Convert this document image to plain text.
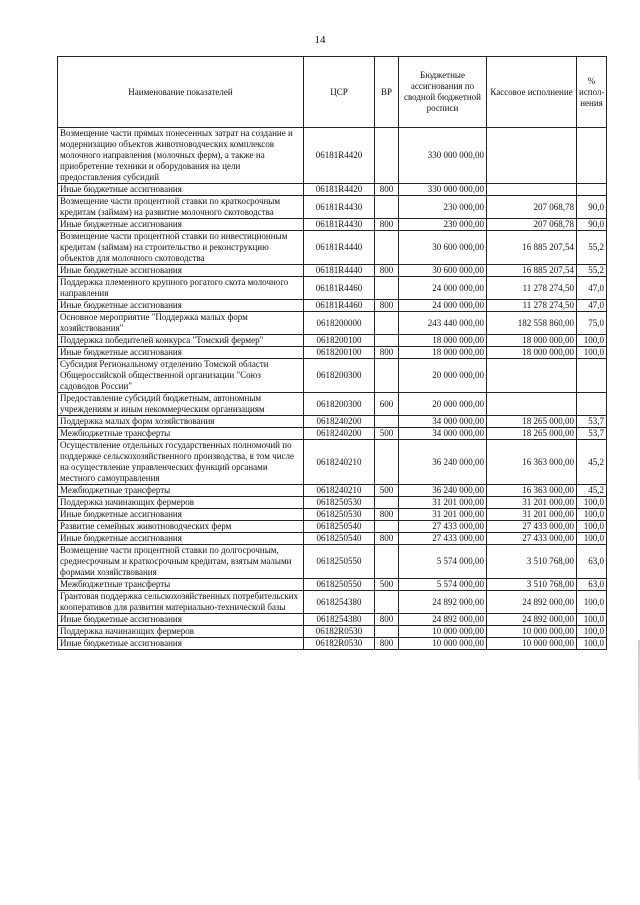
14
Наименование показателей	ЦСР	ВР	Бюджетные ассигнования по сводной бюджетной росписи	Кассовое исполнение	% испол-нения
Возмещение части прямых понесенных затрат на создание и модернизацию объектов животноводческих комплексов молочного направления (молочных ферм), а также на приобретение техники и оборудования на цели предоставления субсидий	06181R4420		330 000 000,00		
Иные бюджетные ассигнования	06181R4420	800	330 000 000,00		
Возмещение части процентной ставки по краткосрочным кредитам (займам) на развитие молочного скотоводства	06181R4430		230 000,00	207 068,78	90,0
Иные бюджетные ассигнования	06181R4430	800	230 000,00	207 068,78	90,0
Возмещение части процентной ставки по инвестиционным кредитам (займам) на строительство и реконструкцию объектов для молочного скотоводства	06181R4440		30 600 000,00	16 885 207,54	55,2
Иные бюджетные ассигнования	06181R4440	800	30 600 000,00	16 885 207,54	55,2
Поддержка племенного крупного рогатого скота молочного направления	06181R4460		24 000 000,00	11 278 274,50	47,0
Иные бюджетные ассигнования	06181R4460	800	24 000 000,00	11 278 274,50	47,0
Основное мероприятие "Поддержка малых форм хозяйствования"	0618200000		243 440 000,00	182 558 860,00	75,0
Поддержка победителей конкурса "Томский фермер"	0618200100		18 000 000,00	18 000 000,00	100,0
Иные бюджетные ассигнования	0618200100	800	18 000 000,00	18 000 000,00	100,0
Субсидия Региональному отделению Томской области Общероссийской общественной организации "Союз садоводов России"	0618200300		20 000 000,00		
Предоставление субсидий бюджетным, автономным учреждениям и иным некоммерческим организациям	0618200300	600	20 000 000,00		
Поддержка малых форм хозяйствования	0618240200		34 000 000,00	18 265 000,00	53,7
Межбюджетные трансферты	0618240200	500	34 000 000,00	18 265 000,00	53,7
Осуществление отдельных государственных полномочий по поддержке сельскохозяйственного производства, в том числе на осуществление управленческих функций органами местного самоуправления	0618240210		36 240 000,00	16 363 000,00	45,2
Межбюджетные трансферты	0618240210	500	36 240 000,00	16 363 000,00	45,2
Поддержка начинающих фермеров	0618250530		31 201 000,00	31 201 000,00	100,0
Иные бюджетные ассигнования	0618250530	800	31 201 000,00	31 201 000,00	100,0
Развитие семейных животноводческих ферм	0618250540		27 433 000,00	27 433 000,00	100,0
Иные бюджетные ассигнования	0618250540	800	27 433 000,00	27 433 000,00	100,0
Возмещение части процентной ставки по долгосрочным, среднесрочным и краткосрочным кредитам, взятым малыми формами хозяйствования	0618250550		5 574 000,00	3 510 768,00	63,0
Межбюджетные трансферты	0618250550	500	5 574 000,00	3 510 768,00	63,0
Грантовая поддержка сельскохозяйственных потребительских кооперативов для развития материально-технической базы	0618254380		24 892 000,00	24 892 000,00	100,0
Иные бюджетные ассигнования	0618254380	800	24 892 000,00	24 892 000,00	100,0
Поддержка начинающих фермеров	06182R0530		10 000 000,00	10 000 000,00	100,0
Иные бюджетные ассигнования	06182R0530	800	10 000 000,00	10 000 000,00	100,0
